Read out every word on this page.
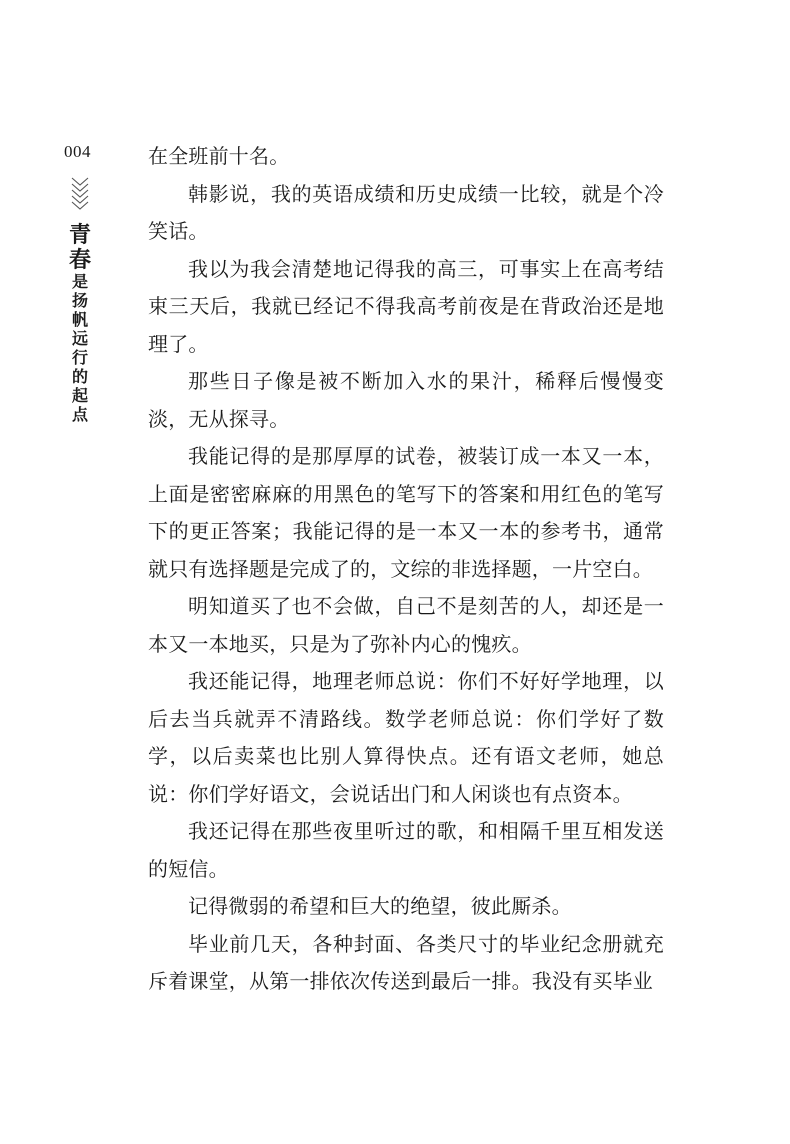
004
青
春
是
扬
帆
远
行
的
起
点

在全班前十名。

韩影说，我的英语成绩和历史成绩一比较，就是个冷笑话。

我以为我会清楚地记得我的高三，可事实上在高考结束三天后，我就已经记不得我高考前夜是在背政治还是地理了。

那些日子像是被不断加入水的果汁，稀释后慢慢变淡，无从探寻。

我能记得的是那厚厚的试卷，被装订成一本又一本，上面是密密麻麻的用黑色的笔写下的答案和用红色的笔写下的更正答案；我能记得的是一本又一本的参考书，通常就只有选择题是完成了的，文综的非选择题，一片空白。

明知道买了也不会做，自己不是刻苦的人，却还是一本又一本地买，只是为了弥补内心的愧疚。

我还能记得，地理老师总说：你们不好好学地理，以后去当兵就弄不清路线。数学老师总说：你们学好了数学，以后卖菜也比别人算得快点。还有语文老师，她总说：你们学好语文，会说话出门和人闲谈也有点资本。

我还记得在那些夜里听过的歌，和相隔千里互相发送的短信。

记得微弱的希望和巨大的绝望，彼此厮杀。

毕业前几天，各种封面、各类尺寸的毕业纪念册就充斥着课堂，从第一排依次传送到最后一排。我没有买毕业
